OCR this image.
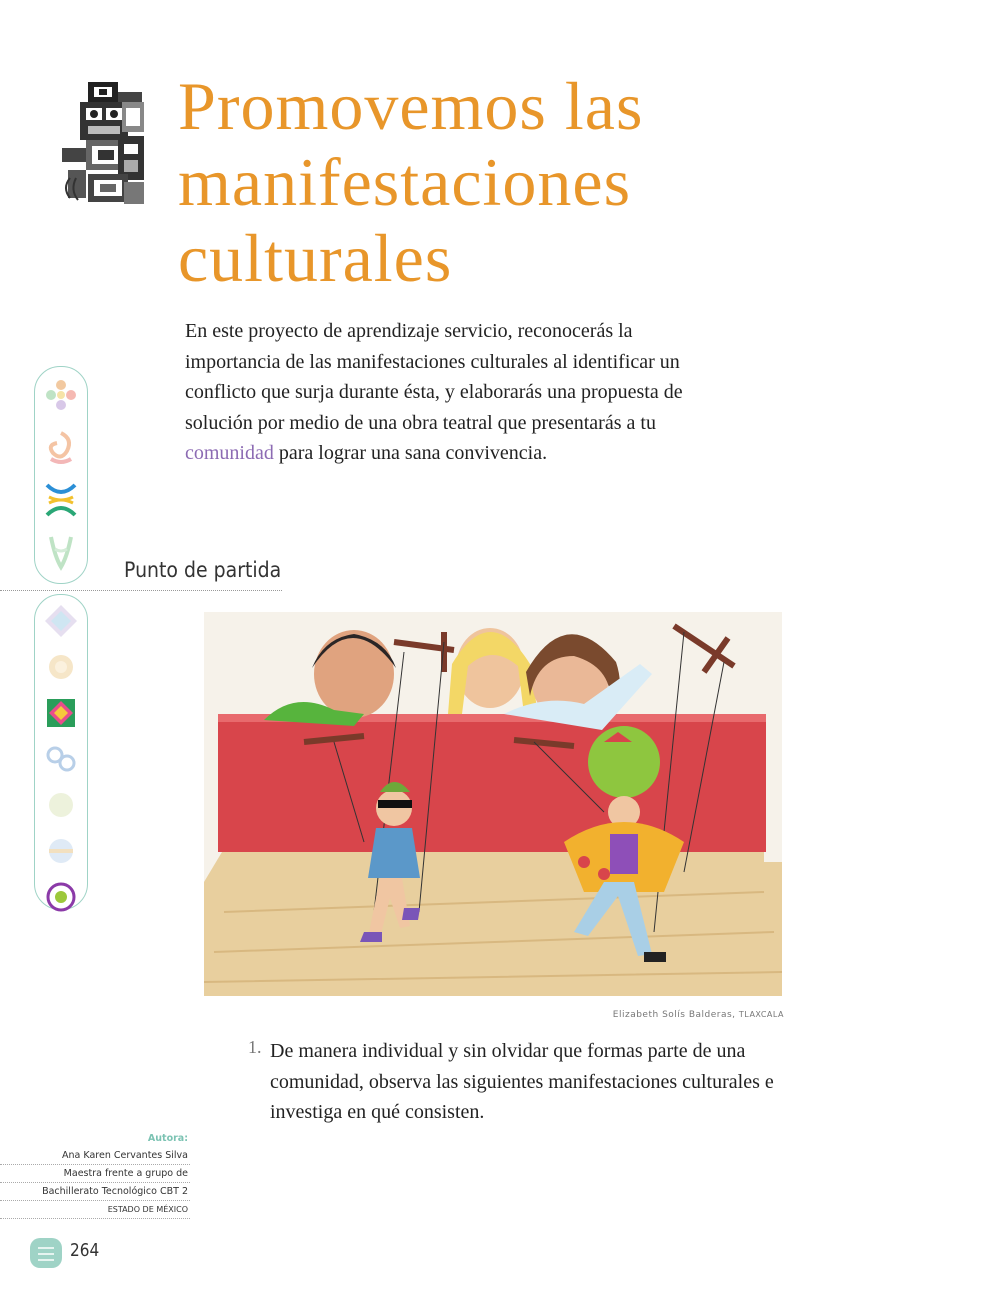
Promovemos las
manifestaciones
culturales

En este proyecto de aprendizaje servicio, reconocerás la importancia de las manifestaciones culturales al identificar un conflicto que surja durante ésta, y elaborarás una propuesta de solución por medio de una obra teatral que presentarás a tu comunidad para lograr una sana convivencia.

Punto de partida
Elizabeth Solís Balderas, TLAXCALA
1. De manera individual y sin olvidar que formas parte de una comunidad, observa las siguientes manifestaciones culturales e investiga en qué consisten.

Autora:
Ana Karen Cervantes Silva
Maestra frente a grupo de
Bachillerato Tecnológico CBT 2
ESTADO DE MÉXICO
264
